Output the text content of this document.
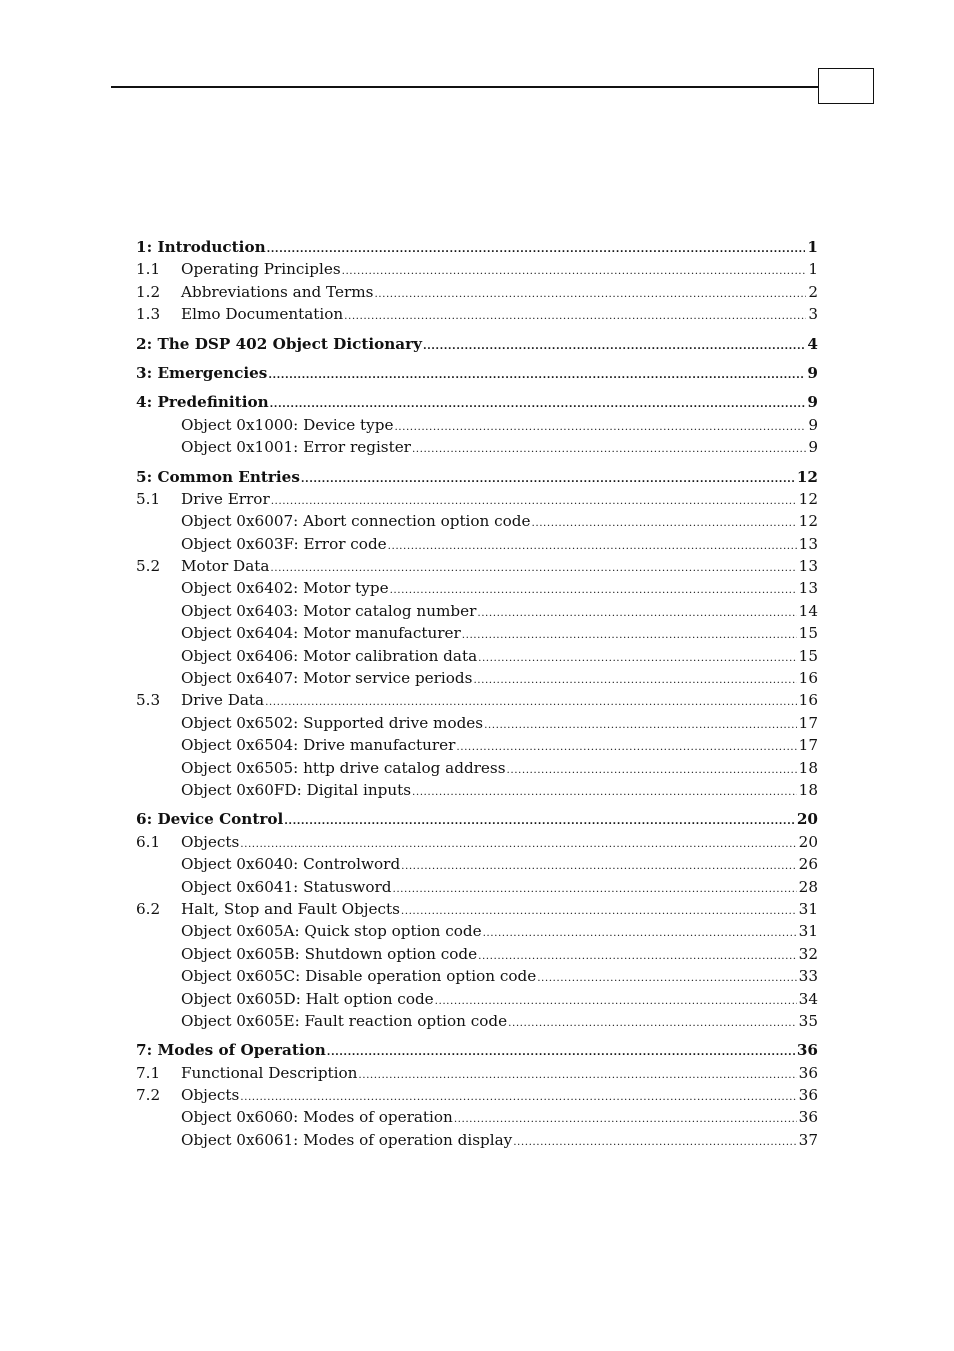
1: Introduction .....	1
1.1	Operating Principles .....	1
1.2	Abbreviations and Terms .....	2
1.3	Elmo Documentation .....	3
2: The DSP 402 Object Dictionary .....	4
3: Emergencies .....	9
4: Predefinition .....	9
Object 0x1000: Device type .....	9
Object 0x1001: Error register .....	9
5: Common Entries .....	12
5.1	Drive Error .....	12
Object 0x6007: Abort connection option code .....	12
Object 0x603F: Error code .....	13
5.2	Motor Data .....	13
Object 0x6402: Motor type .....	13
Object 0x6403: Motor catalog number .....	14
Object 0x6404: Motor manufacturer .....	15
Object 0x6406: Motor calibration data .....	15
Object 0x6407: Motor service periods .....	16
5.3	Drive Data .....	16
Object 0x6502: Supported drive modes .....	17
Object 0x6504: Drive manufacturer .....	17
Object 0x6505: http drive catalog address .....	18
Object 0x60FD: Digital inputs .....	18
6: Device Control .....	20
6.1	Objects .....	20
Object 0x6040: Controlword .....	26
Object 0x6041: Statusword .....	28
6.2	Halt, Stop and Fault Objects .....	31
Object 0x605A: Quick stop option code .....	31
Object 0x605B: Shutdown option code .....	32
Object 0x605C: Disable operation option code .....	33
Object 0x605D: Halt option code .....	34
Object 0x605E: Fault reaction option code .....	35
7: Modes of Operation .....	36
7.1	Functional Description .....	36
7.2	Objects .....	36
Object 0x6060: Modes of operation .....	36
Object 0x6061: Modes of operation display .....	37
